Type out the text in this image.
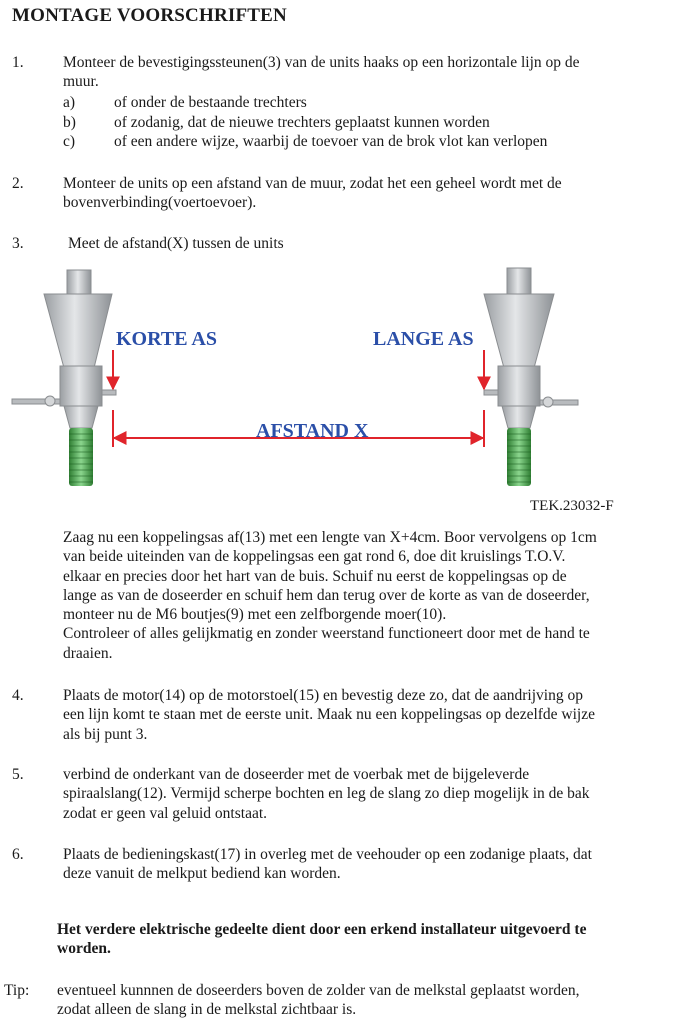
MONTAGE VOORSCHRIFTEN
1.	Monteer de bevestigingssteunen(3) van de units haaks op een horizontale lijn op de
muur.
a)	of onder de bestaande trechters
b) of zodanig, dat de nieuwe trechters geplaatst kunnen worden
c)	of een andere wijze, waarbij de toevoer van de brok vlot kan verlopen
2.	Monteer de units op een afstand van de muur, zodat het een geheel wordt met de
bovenverbinding(voertoevoer).
3.	Meet de afstand(X) tussen de units
KORTE AS	LANGE AS
AFSTAND X
TEK.23032-F
Zaag nu een koppelingsas af(13) met een lengte van X+4cm. Boor vervolgens op 1cm
van beide uiteinden van de koppelingsas een gat rond 6, doe dit kruislings T.O.V.
elkaar en precies door het hart van de buis. Schuif nu eerst de koppelingsas op de
lange as van de doseerder en schuif hem dan terug over de korte as van de doseerder,
monteer nu de M6 boutjes(9) met een zelfborgende moer(10).
Controleer of alles gelijkmatig en zonder weerstand functioneert door met de hand te
draaien.
4.	Plaats de motor(14) op de motorstoel(15) en bevestig deze zo, dat de aandrijving op
een lijn komt te staan met de eerste unit. Maak nu een koppelingsas op dezelfde wijze
als bij punt 3.
5.	verbind de onderkant van de doseerder met de voerbak met de bijgeleverde
spiraalslang(12). Vermijd scherpe bochten en leg de slang zo diep mogelijk in de bak
zodat er geen val geluid ontstaat.
6.	Plaats de bedieningskast(17) in overleg met de veehouder op een zodanige plaats, dat
deze vanuit de melkput bediend kan worden.
Het verdere elektrische gedeelte dient door een erkend installateur uitgevoerd te
worden.
Tip: eventueel kunnnen de doseerders boven de zolder van de melkstal geplaatst worden,
zodat alleen de slang in de melkstal zichtbaar is.
